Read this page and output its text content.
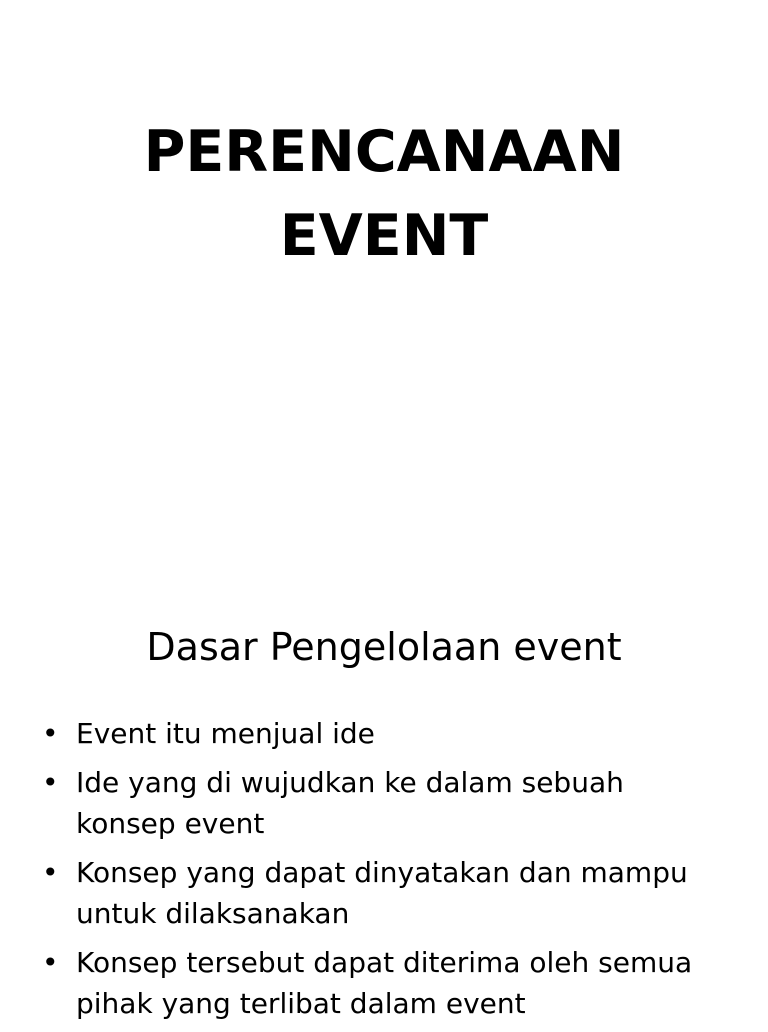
PERENCANAAN
EVENT
Dasar Pengelolaan event
• Event itu menjual ide
• Ide yang di wujudkan ke dalam sebuah konsep event
• Konsep yang dapat dinyatakan dan mampu untuk dilaksanakan
• Konsep tersebut dapat diterima oleh semua pihak yang terlibat dalam event
